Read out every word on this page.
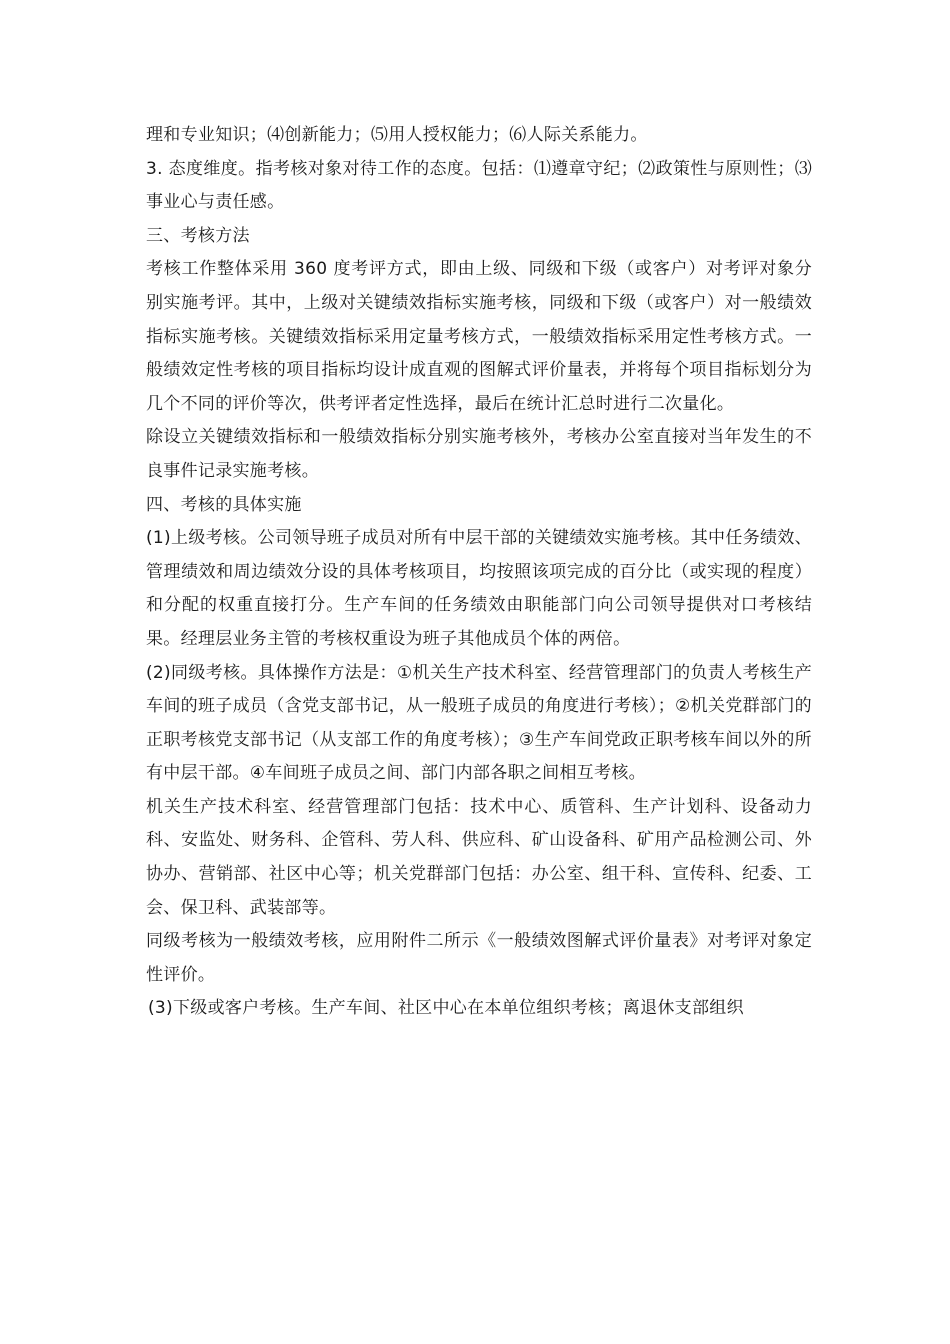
理和专业知识；⑷创新能力；⑸用人授权能力；⑹人际关系能力。

3. 态度维度。指考核对象对待工作的态度。包括：⑴遵章守纪；⑵政策性与原则性；⑶事业心与责任感。

三、考核方法

考核工作整体采用 360 度考评方式，即由上级、同级和下级（或客户）对考评对象分别实施考评。其中，上级对关键绩效指标实施考核，同级和下级（或客户）对一般绩效指标实施考核。关键绩效指标采用定量考核方式，一般绩效指标采用定性考核方式。一般绩效定性考核的项目指标均设计成直观的图解式评价量表，并将每个项目指标划分为几个不同的评价等次，供考评者定性选择，最后在统计汇总时进行二次量化。

除设立关键绩效指标和一般绩效指标分别实施考核外，考核办公室直接对当年发生的不良事件记录实施考核。

四、考核的具体实施

(1)上级考核。公司领导班子成员对所有中层干部的关键绩效实施考核。其中任务绩效、管理绩效和周边绩效分设的具体考核项目，均按照该项完成的百分比（或实现的程度）和分配的权重直接打分。生产车间的任务绩效由职能部门向公司领导提供对口考核结果。经理层业务主管的考核权重设为班子其他成员个体的两倍。

(2)同级考核。具体操作方法是：①机关生产技术科室、经营管理部门的负责人考核生产车间的班子成员（含党支部书记，从一般班子成员的角度进行考核）；②机关党群部门的正职考核党支部书记（从支部工作的角度考核）；③生产车间党政正职考核车间以外的所有中层干部。④车间班子成员之间、部门内部各职之间相互考核。

机关生产技术科室、经营管理部门包括：技术中心、质管科、生产计划科、设备动力科、安监处、财务科、企管科、劳人科、供应科、矿山设备科、矿用产品检测公司、外协办、营销部、社区中心等；机关党群部门包括：办公室、组干科、宣传科、纪委、工会、保卫科、武装部等。

同级考核为一般绩效考核，应用附件二所示《一般绩效图解式评价量表》对考评对象定性评价。

(3)下级或客户考核。生产车间、社区中心在本单位组织考核；离退休支部组织
